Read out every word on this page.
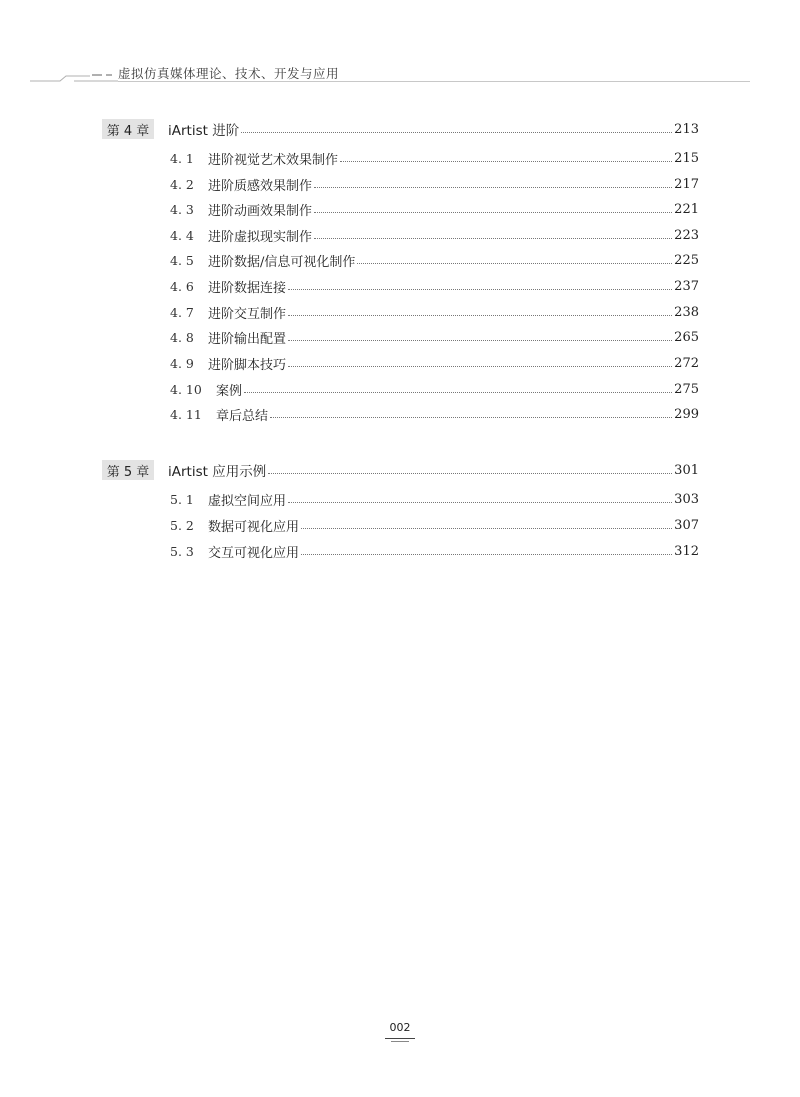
虚拟仿真媒体理论、技术、开发与应用
第 4 章	iArtist 进阶	213
4. 1	进阶视觉艺术效果制作	215
4. 2	进阶质感效果制作	217
4. 3	进阶动画效果制作	221
4. 4	进阶虚拟现实制作	223
4. 5	进阶数据/信息可视化制作	225
4. 6	进阶数据连接	237
4. 7	进阶交互制作	238
4. 8	进阶输出配置	265
4. 9	进阶脚本技巧	272
4. 10	案例	275
4. 11	章后总结	299
第 5 章	iArtist 应用示例	301
5. 1	虚拟空间应用	303
5. 2	数据可视化应用	307
5. 3	交互可视化应用	312
002
